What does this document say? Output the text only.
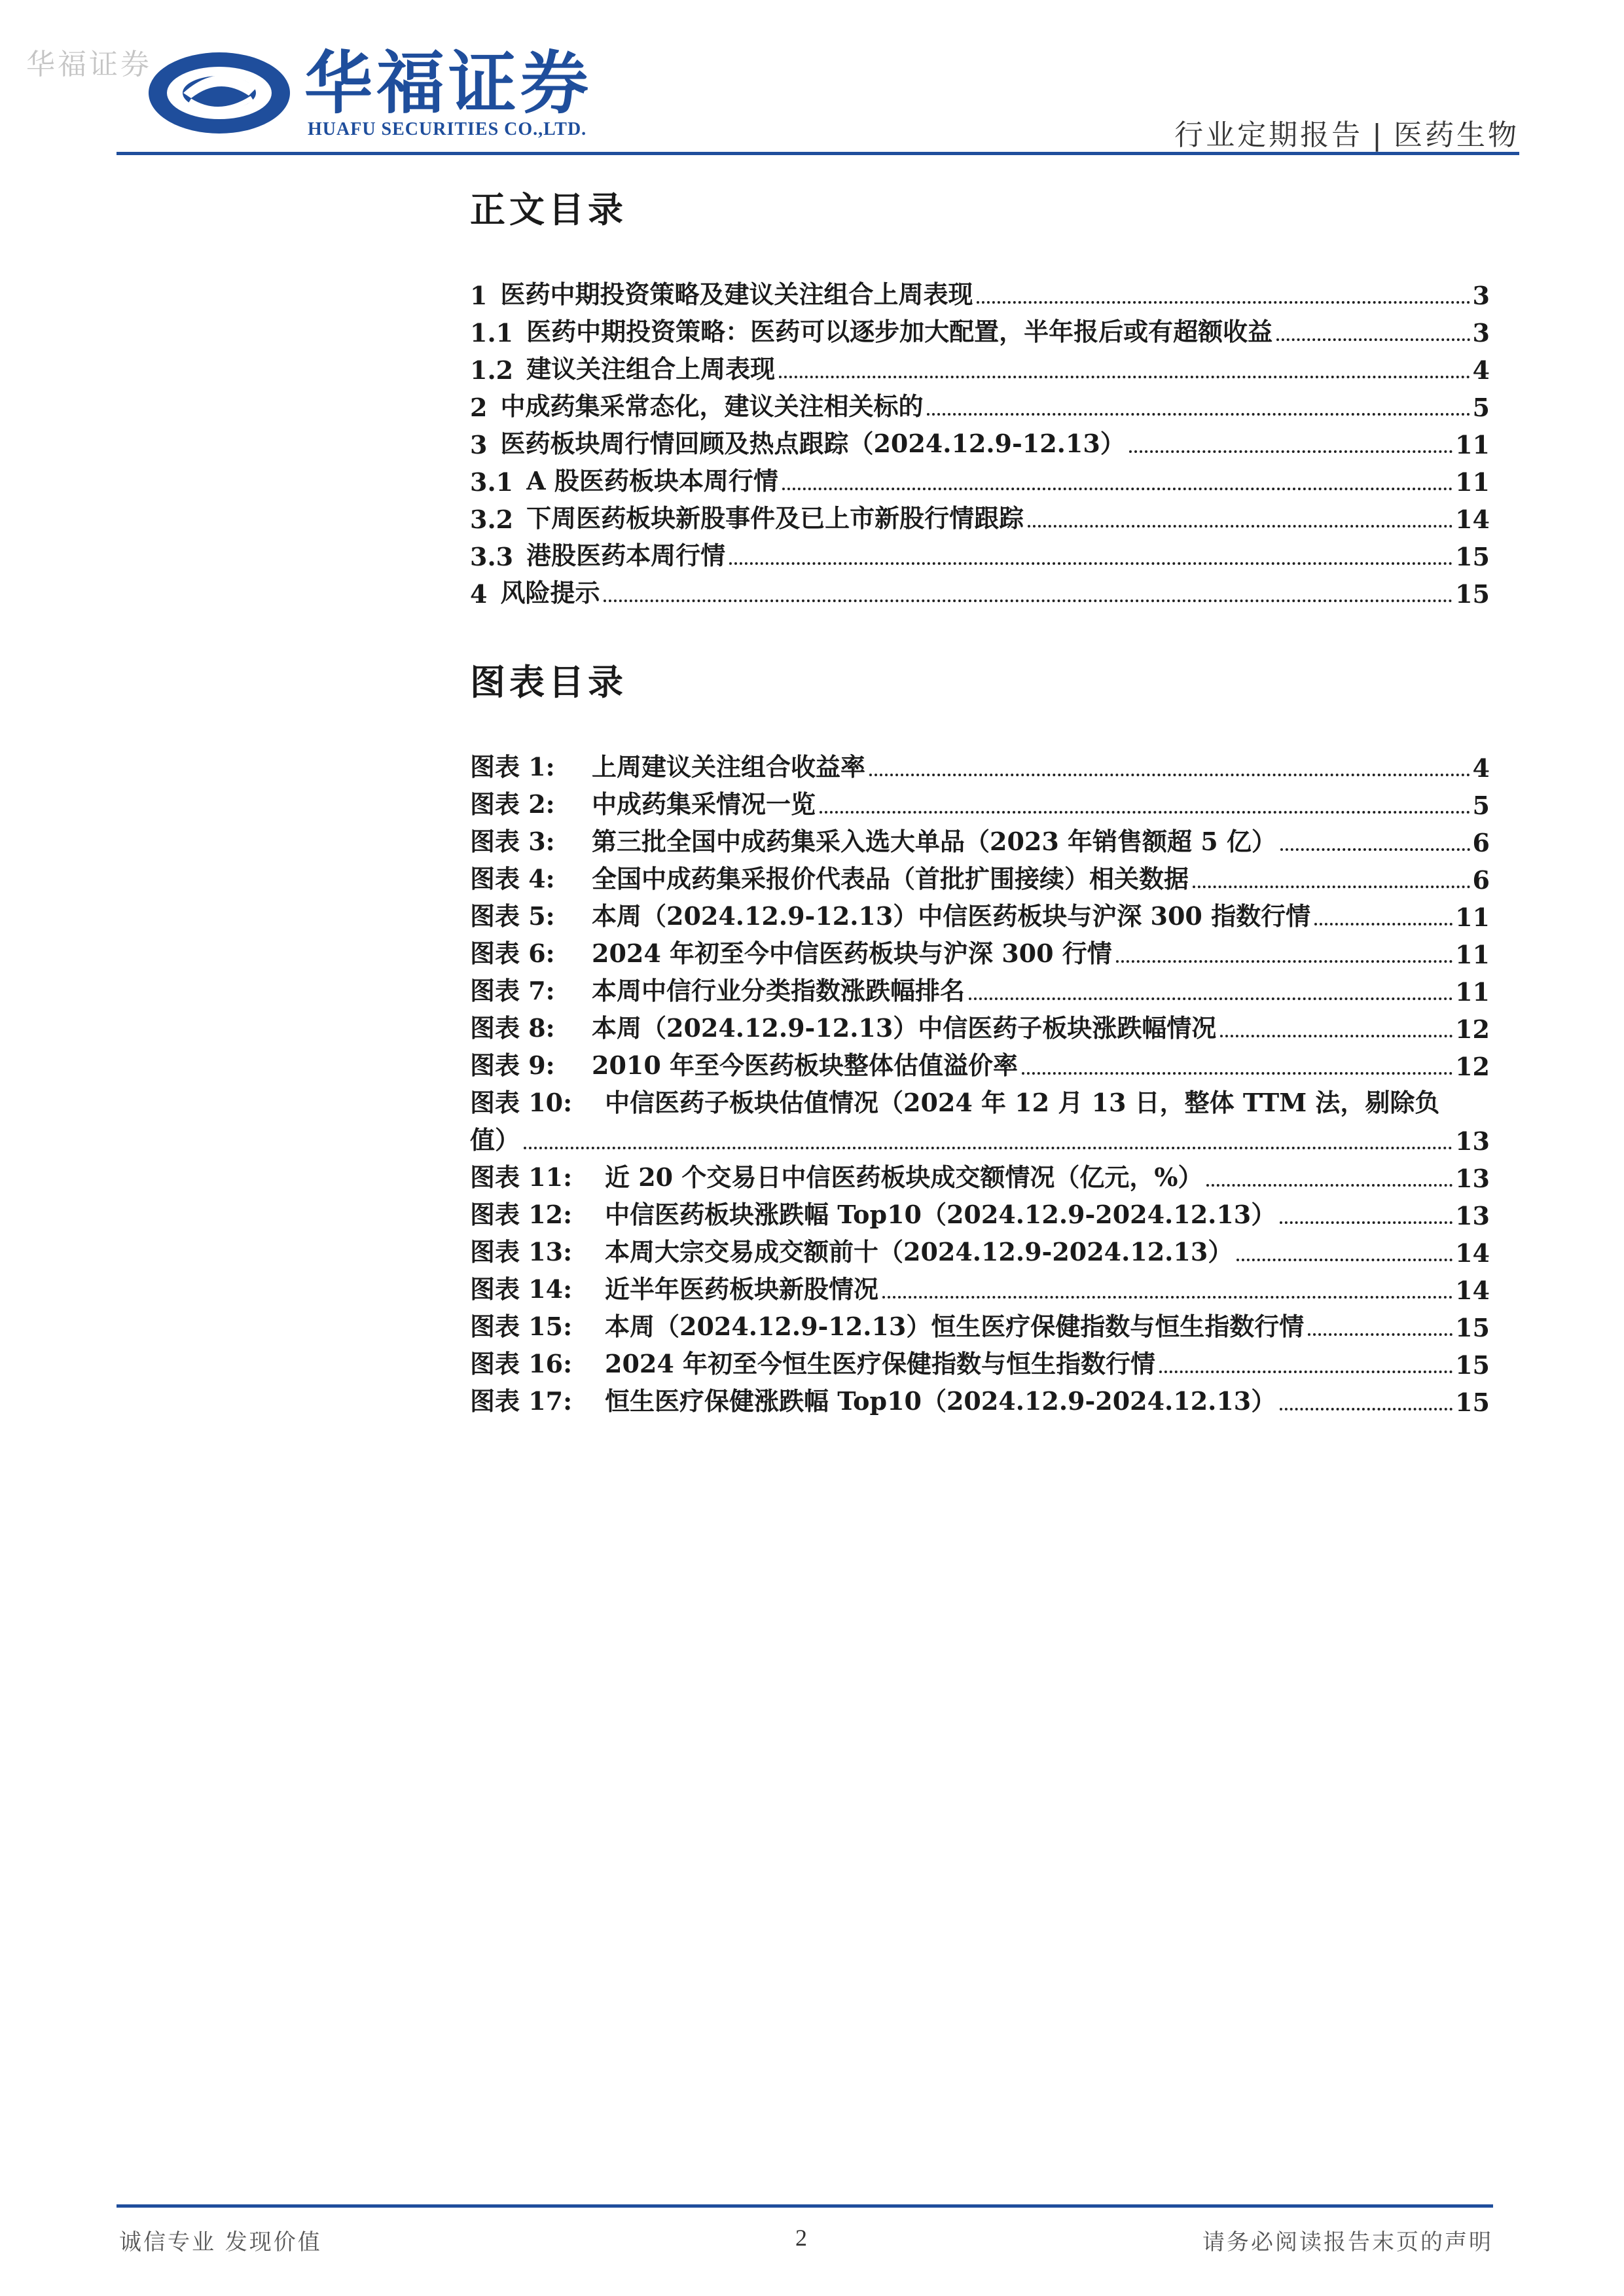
华福证券 华福证券
HUAFU SECURITIES CO.,LTD.	行业定期报告 | 医药生物
正文目录
1 医药中期投资策略及建议关注组合上周表现	3
1.1 医药中期投资策略：医药可以逐步加大配置，半年报后或有超额收益	3
1.2 建议关注组合上周表现	4
2 中成药集采常态化，建议关注相关标的	5
3 医药板块周行情回顾及热点跟踪（2024.12.9-12.13）	11
3.1 A 股医药板块本周行情	11
3.2 下周医药板块新股事件及已上市新股行情跟踪	14
3.3 港股医药本周行情	15
4 风险提示	15
图表目录
图表 1:	上周建议关注组合收益率	4
图表 2:	中成药集采情况一览	5
图表 3:	第三批全国中成药集采入选大单品（2023 年销售额超 5 亿）	6
图表 4:	全国中成药集采报价代表品（首批扩围接续）相关数据	6
图表 5:	本周（2024.12.9-12.13）中信医药板块与沪深 300 指数行情	11
图表 6:	2024 年初至今中信医药板块与沪深 300 行情	11
图表 7:	本周中信行业分类指数涨跌幅排名	11
图表 8:	本周（2024.12.9-12.13）中信医药子板块涨跌幅情况	12
图表 9:	2010 年至今医药板块整体估值溢价率	12
图表 10:	中信医药子板块估值情况（2024 年 12 月 13 日，整体 TTM 法，剔除负
值）	13
图表 11:	近 20 个交易日中信医药板块成交额情况（亿元，%）	13
图表 12:	中信医药板块涨跌幅 Top10（2024.12.9-2024.12.13）	13
图表 13:	本周大宗交易成交额前十（2024.12.9-2024.12.13）	14
图表 14:	近半年医药板块新股情况	14
图表 15:	本周（2024.12.9-12.13）恒生医疗保健指数与恒生指数行情	15
图表 16:	2024 年初至今恒生医疗保健指数与恒生指数行情	15
图表 17:	恒生医疗保健涨跌幅 Top10（2024.12.9-2024.12.13）	15
诚信专业 发现价值	2	请务必阅读报告末页的声明
